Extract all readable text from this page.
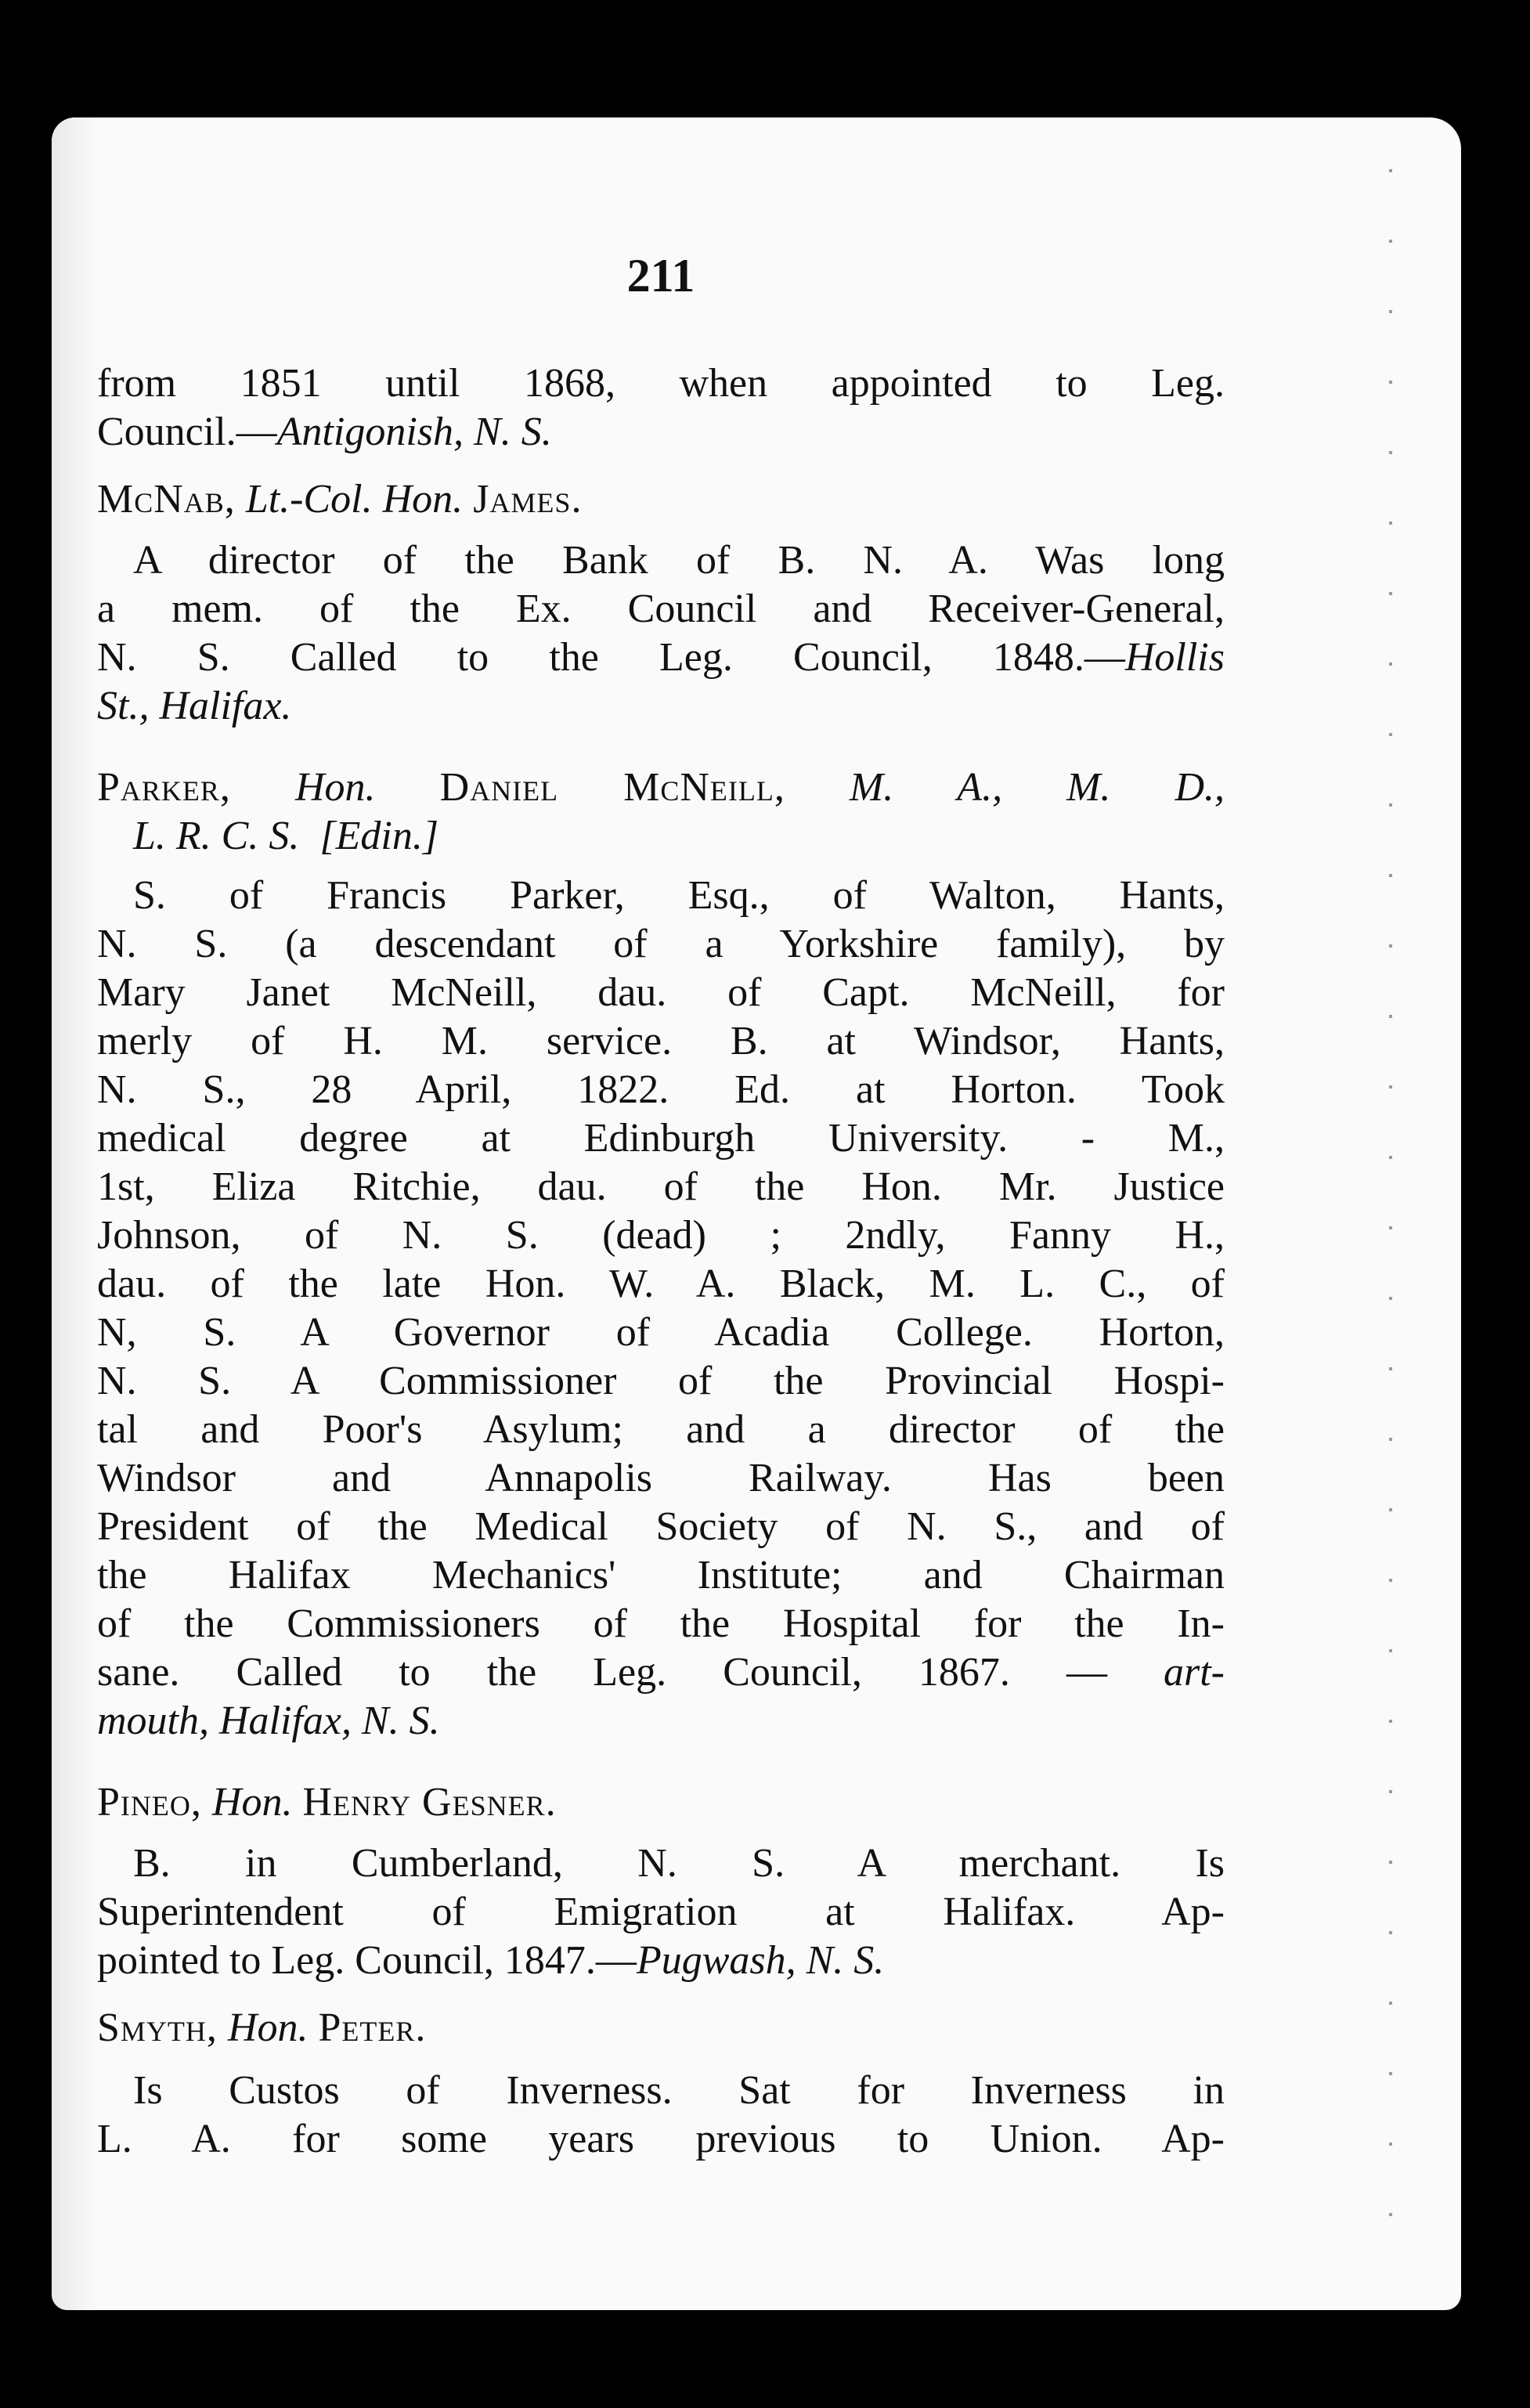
211
from 1851 until 1868, when appointed to Leg.
Council.—Antigonish, N. S.
McNab, Lt.-Col. Hon. James.
A director of the Bank of B. N. A. Was long
a mem. of the Ex. Council and Receiver-General,
N. S. Called to the Leg. Council, 1848.—Hollis
St., Halifax.
Parker, Hon. Daniel McNeill, M. A., M. D.,
L. R. C. S. [Edin.]
S. of Francis Parker, Esq., of Walton, Hants,
N. S. (a descendant of a Yorkshire family), by
Mary Janet McNeill, dau. of Capt. McNeill, for
merly of H. M. service. B. at Windsor, Hants,
N. S., 28 April, 1822. Ed. at Horton. Took
medical degree at Edinburgh University. - M.,
1st, Eliza Ritchie, dau. of the Hon. Mr. Justice
Johnson, of N. S. (dead) ; 2ndly, Fanny H.,
dau. of the late Hon. W. A. Black, M. L. C., of
N, S. A Governor of Acadia College. Horton,
N. S. A Commissioner of the Provincial Hospi-
tal and Poor's Asylum; and a director of the
Windsor and Annapolis Railway. Has been
President of the Medical Society of N. S., and of
the Halifax Mechanics' Institute; and Chairman
of the Commissioners of the Hospital for the In-
sane. Called to the Leg. Council, 1867. — art-
mouth, Halifax, N. S.
Pineo, Hon. Henry Gesner.
B. in Cumberland, N. S. A merchant. Is
Superintendent of Emigration at Halifax. Ap-
pointed to Leg. Council, 1847.—Pugwash, N. S.
Smyth, Hon. Peter.
Is Custos of Inverness. Sat for Inverness in
L. A. for some years previous to Union. Ap-
